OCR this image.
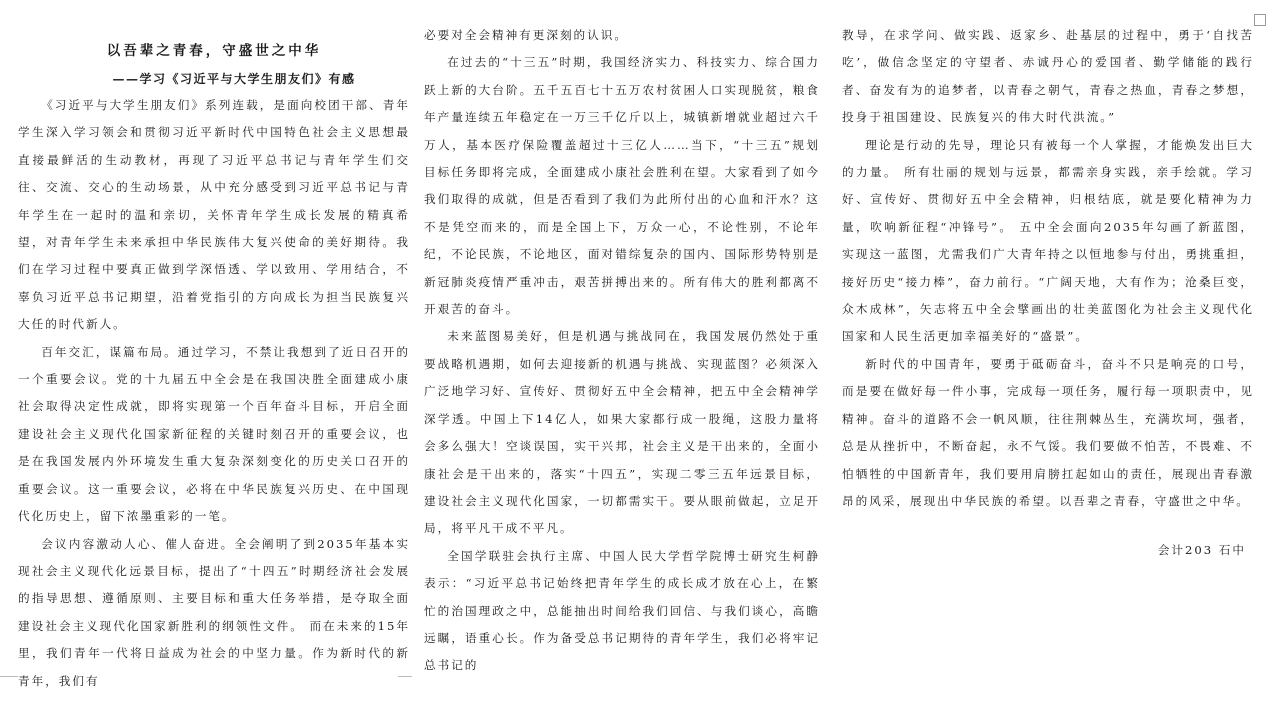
以吾辈之青春，守盛世之中华

——学习《习近平与大学生朋友们》有感

《习近平与大学生朋友们》系列连载，是面向校团干部、青年学生深入学习领会和贯彻习近平新时代中国特色社会主义思想最直接最鲜活的生动教材，再现了习近平总书记与青年学生们交往、交流、交心的生动场景，从中充分感受到习近平总书记与青年学生在一起时的温和亲切，关怀青年学生成长发展的精真希望，对青年学生未来承担中华民族伟大复兴使命的美好期待。我们在学习过程中要真正做到学深悟透、学以致用、学用结合，不辜负习近平总书记期望，沿着党指引的方向成长为担当民族复兴大任的时代新人。

百年交汇，谋篇布局。通过学习，不禁让我想到了近日召开的一个重要会议。党的十九届五中全会是在我国决胜全面建成小康社会取得决定性成就，即将实现第一个百年奋斗目标，开启全面建设社会主义现代化国家新征程的关键时刻召开的重要会议，也是在我国发展内外环境发生重大复杂深刻变化的历史关口召开的重要会议。这一重要会议，必将在中华民族复兴历史、在中国现代化历史上，留下浓墨重彩的一笔。

会议内容激动人心、催人奋进。全会阐明了到2035年基本实现社会主义现代化远景目标，提出了“十四五”时期经济社会发展的指导思想、遵循原则、主要目标和重大任务举措，是夺取全面建设社会主义现代化国家新胜利的纲领性文件。 而在未来的15年里，我们青年一代将日益成为社会的中坚力量。作为新时代的新青年，我们有

必要对全会精神有更深刻的认识。

在过去的“十三五”时期，我国经济实力、科技实力、综合国力跃上新的大台阶。五千五百七十五万农村贫困人口实现脱贫，粮食年产量连续五年稳定在一万三千亿斤以上，城镇新增就业超过六千万人，基本医疗保险覆盖超过十三亿人……当下，“十三五”规划目标任务即将完成，全面建成小康社会胜利在望。大家看到了如今我们取得的成就，但是否看到了我们为此所付出的心血和汗水？这不是凭空而来的，而是全国上下，万众一心，不论性别，不论年纪，不论民族，不论地区，面对错综复杂的国内、国际形势特别是新冠肺炎疫情严重冲击，艰苦拼搏出来的。所有伟大的胜利都离不开艰苦的奋斗。

未来蓝图易美好，但是机遇与挑战同在，我国发展仍然处于重要战略机遇期，如何去迎接新的机遇与挑战、实现蓝图？必须深入广泛地学习好、宣传好、贯彻好五中全会精神，把五中全会精神学深学透。中国上下14亿人，如果大家都行成一股绳，这股力量将会多么强大！空谈误国，实干兴邦，社会主义是干出来的，全面小康社会是干出来的，落实“十四五”，实现二零三五年远景目标，建设社会主义现代化国家，一切都需实干。要从眼前做起，立足开局，将平凡干成不平凡。

全国学联驻会执行主席、中国人民大学哲学院博士研究生柯静表示：“习近平总书记始终把青年学生的成长成才放在心上，在繁忙的治国理政之中，总能抽出时间给我们回信、与我们谈心，高瞻远瞩，语重心长。作为备受总书记期待的青年学生，我们必将牢记总书记的

教导，在求学问、做实践、返家乡、赴基层的过程中，勇于‘自找苦吃’，做信念坚定的守望者、赤诚丹心的爱国者、勤学储能的践行者、奋发有为的追梦者，以青春之朝气，青春之热血，青春之梦想，投身于祖国建设、民族复兴的伟大时代洪流。”

理论是行动的先导，理论只有被每一个人掌握，才能焕发出巨大的力量。 所有壮丽的规划与远景，都需亲身实践，亲手绘就。学习好、宣传好、贯彻好五中全会精神，归根结底，就是要化精神为力量，吹响新征程“冲锋号”。 五中全会面向2035年勾画了新蓝图，实现这一蓝图，尤需我们广大青年持之以恒地参与付出，勇挑重担，接好历史“接力棒”，奋力前行。“广阔天地，大有作为；沧桑巨变，众木成林”，矢志将五中全会擘画出的壮美蓝图化为社会主义现代化国家和人民生活更加幸福美好的“盛景”。

新时代的中国青年，要勇于砥砺奋斗，奋斗不只是响亮的口号，而是要在做好每一件小事，完成每一项任务，履行每一项职责中，见精神。奋斗的道路不会一帆风顺，往往荆棘丛生，充满坎坷，强者，总是从挫折中，不断奋起，永不气馁。我们要做不怕苦，不畏难、不怕牺牲的中国新青年，我们要用肩膀扛起如山的责任，展现出青春激昂的风采，展现出中华民族的希望。以吾辈之青春，守盛世之中华。

会计203 石中
